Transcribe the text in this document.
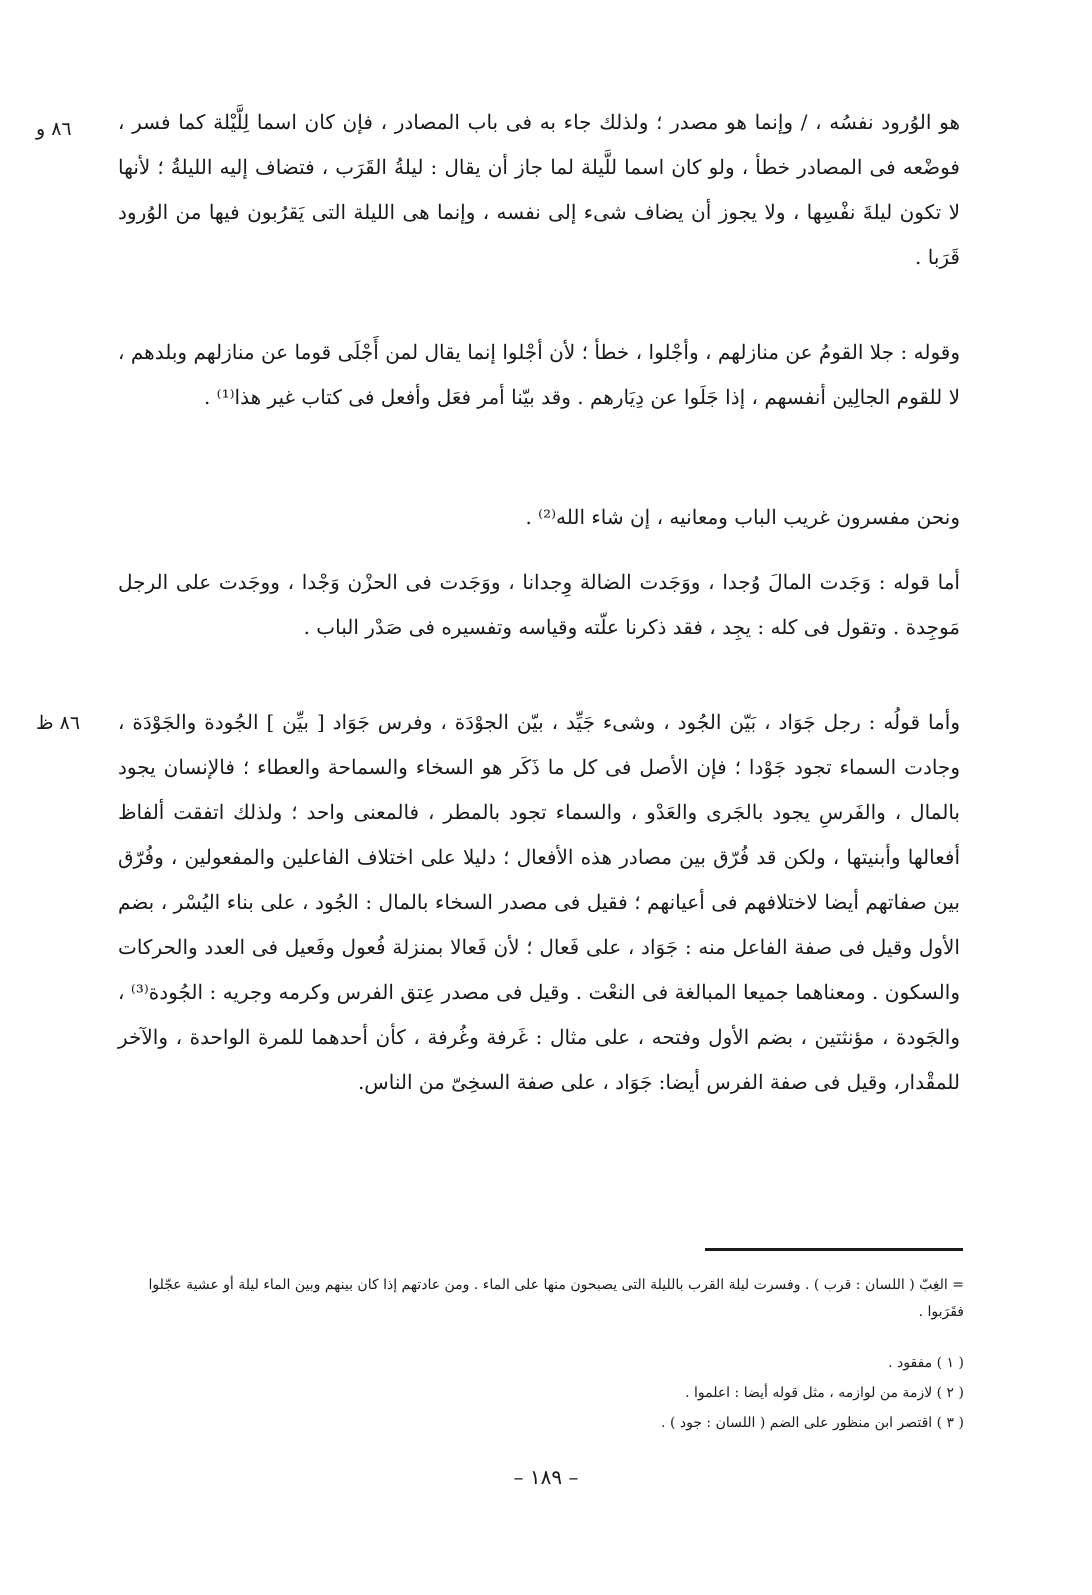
٨٦ و
٨٦ ظ

هو الوُرود نفسُه ، / وإنما هو مصدر ؛ ولذلك جاء به فى باب المصادر ، فإن كان اسما لِلَّيْلة كما فسر ، فوضْعه فى المصادر خطأ ، ولو كان اسما للَّيلة لما جاز أن يقال : ليلةُ القَرَب ، فتضاف إليه الليلةُ ؛ لأنها لا تكون ليلةَ نفْسِها ، ولا يجوز أن يضاف شىء إلى نفسه ، وإنما هى الليلة التى يَقرُبون فيها من الوُرود قَرَبا .

وقوله : جلا القومُ عن منازلهم ، وأجْلوا ، خطأ ؛ لأن أجْلوا إنما يقال لمن أَجْلَى قوما عن منازلهم وبلدهم ، لا للقوم الجالِين أنفسهم ، إذا جَلَوا عن دِيَارهم . وقد بيّنا أمر فعَل وأفعل فى كتاب غير هذا⁽¹⁾ .

ونحن مفسرون غريب الباب ومعانيه ، إن شاء الله⁽²⁾ .

أما قوله : وَجَدت المالَ وُجدا ، ووَجَدت الضالة وِجدانا ، ووَجَدت فى الحزْن وَجْدا ، ووجَدت على الرجل مَوجِدة . وتقول فى كله : يجِد ، فقد ذكرنا علّته وقياسه وتفسيره فى صَدْر الباب .

وأما قولُه : رجل جَوَاد ، بَيّن الجُود ، وشىء جَيِّد ، بيّن الجوْدَة ، وفرس جَوَاد [ بيِّن ] الجُودة والجَوْدَة ، وجادت السماء تجود جَوْدا ؛ فإن الأصل فى كل ما ذَكَر هو السخاء والسماحة والعطاء ؛ فالإنسان يجود بالمال ، والفَرسِ يجود بالجَرى والعَدْو ، والسماء تجود بالمطر ، فالمعنى واحد ؛ ولذلك اتفقت ألفاظ أفعالها وأبنيتها ، ولكن قد فُرّق بين مصادر هذه الأفعال ؛ دليلا على اختلاف الفاعلين والمفعولين ، وفُرّق بين صفاتهم أيضا لاختلافهم فى أعيانهم ؛ فقيل فى مصدر السخاء بالمال : الجُود ، على بناء اليُسْر ، بضم الأول وقيل فى صفة الفاعل منه : جَوَاد ، على فَعال ؛ لأن فَعالا بمنزلة فُعول وفَعيل فى العدد والحركات والسكون . ومعناهما جميعا المبالغة فى النعْت . وقيل فى مصدر عِتق الفرس وكرمه وجريه : الجُودة⁽³⁾ ، والجَودة ، مؤنثتين ، بضم الأول وفتحه ، على مثال : غَرفة وغُرفة ، كأن أحدهما للمرة الواحدة ، والآخر للمقْدار، وقيل فى صفة الفرس أيضا: جَوَاد ، على صفة السخِىّ من الناس.

= الغِبّ ( اللسان : قرب ) . وفسرت ليلة القرب بالليلة التى يصبحون منها على الماء . ومن عادتهم إذا كان بينهم وبين الماء ليلة أو عشية عجّلوا فقَرَبوا .

( ١ ) مفقود .

( ٢ ) لازمة من لوازمه ، مثل قوله أيضا : اعلموا .

( ٣ ) اقتصر ابن منظور على الضم ( اللسان : جود ) .

– ١٨٩ –
